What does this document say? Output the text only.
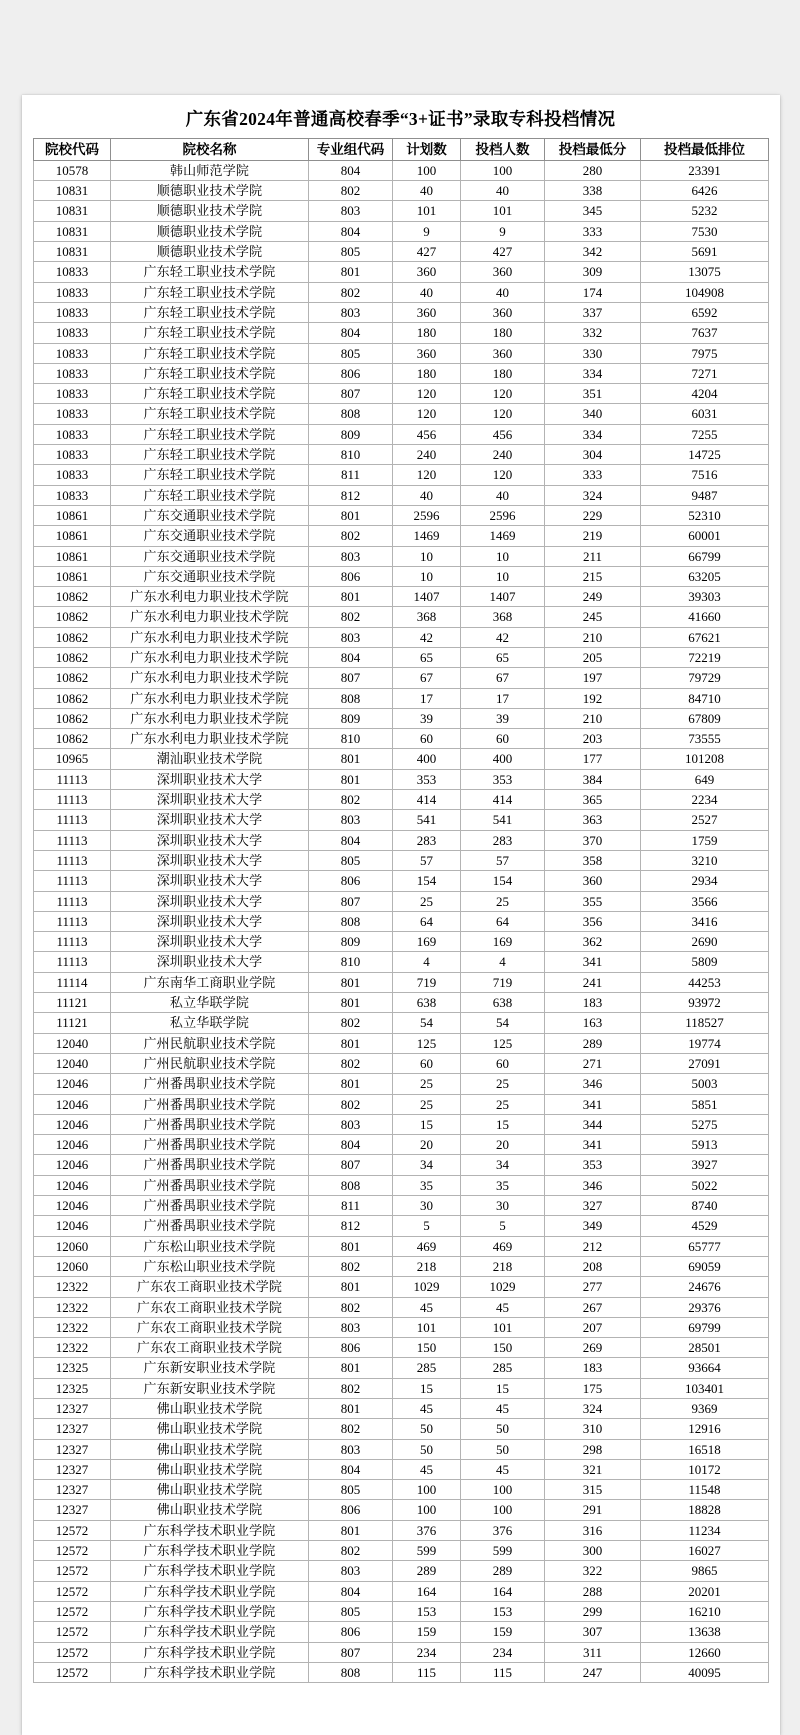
广东省2024年普通高校春季“3+证书”录取专科投档情况
院校代码	院校名称	专业组代码	计划数	投档人数	投档最低分	投档最低排位
10578	韩山师范学院	804	100	100	280	23391
10831	顺德职业技术学院	802	40	40	338	6426
10831	顺德职业技术学院	803	101	101	345	5232
10831	顺德职业技术学院	804	9	9	333	7530
10831	顺德职业技术学院	805	427	427	342	5691
10833	广东轻工职业技术学院	801	360	360	309	13075
10833	广东轻工职业技术学院	802	40	40	174	104908
10833	广东轻工职业技术学院	803	360	360	337	6592
10833	广东轻工职业技术学院	804	180	180	332	7637
10833	广东轻工职业技术学院	805	360	360	330	7975
10833	广东轻工职业技术学院	806	180	180	334	7271
10833	广东轻工职业技术学院	807	120	120	351	4204
10833	广东轻工职业技术学院	808	120	120	340	6031
10833	广东轻工职业技术学院	809	456	456	334	7255
10833	广东轻工职业技术学院	810	240	240	304	14725
10833	广东轻工职业技术学院	811	120	120	333	7516
10833	广东轻工职业技术学院	812	40	40	324	9487
10861	广东交通职业技术学院	801	2596	2596	229	52310
10861	广东交通职业技术学院	802	1469	1469	219	60001
10861	广东交通职业技术学院	803	10	10	211	66799
10861	广东交通职业技术学院	806	10	10	215	63205
10862	广东水利电力职业技术学院	801	1407	1407	249	39303
10862	广东水利电力职业技术学院	802	368	368	245	41660
10862	广东水利电力职业技术学院	803	42	42	210	67621
10862	广东水利电力职业技术学院	804	65	65	205	72219
10862	广东水利电力职业技术学院	807	67	67	197	79729
10862	广东水利电力职业技术学院	808	17	17	192	84710
10862	广东水利电力职业技术学院	809	39	39	210	67809
10862	广东水利电力职业技术学院	810	60	60	203	73555
10965	潮汕职业技术学院	801	400	400	177	101208
11113	深圳职业技术大学	801	353	353	384	649
11113	深圳职业技术大学	802	414	414	365	2234
11113	深圳职业技术大学	803	541	541	363	2527
11113	深圳职业技术大学	804	283	283	370	1759
11113	深圳职业技术大学	805	57	57	358	3210
11113	深圳职业技术大学	806	154	154	360	2934
11113	深圳职业技术大学	807	25	25	355	3566
11113	深圳职业技术大学	808	64	64	356	3416
11113	深圳职业技术大学	809	169	169	362	2690
11113	深圳职业技术大学	810	4	4	341	5809
11114	广东南华工商职业学院	801	719	719	241	44253
11121	私立华联学院	801	638	638	183	93972
11121	私立华联学院	802	54	54	163	118527
12040	广州民航职业技术学院	801	125	125	289	19774
12040	广州民航职业技术学院	802	60	60	271	27091
12046	广州番禺职业技术学院	801	25	25	346	5003
12046	广州番禺职业技术学院	802	25	25	341	5851
12046	广州番禺职业技术学院	803	15	15	344	5275
12046	广州番禺职业技术学院	804	20	20	341	5913
12046	广州番禺职业技术学院	807	34	34	353	3927
12046	广州番禺职业技术学院	808	35	35	346	5022
12046	广州番禺职业技术学院	811	30	30	327	8740
12046	广州番禺职业技术学院	812	5	5	349	4529
12060	广东松山职业技术学院	801	469	469	212	65777
12060	广东松山职业技术学院	802	218	218	208	69059
12322	广东农工商职业技术学院	801	1029	1029	277	24676
12322	广东农工商职业技术学院	802	45	45	267	29376
12322	广东农工商职业技术学院	803	101	101	207	69799
12322	广东农工商职业技术学院	806	150	150	269	28501
12325	广东新安职业技术学院	801	285	285	183	93664
12325	广东新安职业技术学院	802	15	15	175	103401
12327	佛山职业技术学院	801	45	45	324	9369
12327	佛山职业技术学院	802	50	50	310	12916
12327	佛山职业技术学院	803	50	50	298	16518
12327	佛山职业技术学院	804	45	45	321	10172
12327	佛山职业技术学院	805	100	100	315	11548
12327	佛山职业技术学院	806	100	100	291	18828
12572	广东科学技术职业学院	801	376	376	316	11234
12572	广东科学技术职业学院	802	599	599	300	16027
12572	广东科学技术职业学院	803	289	289	322	9865
12572	广东科学技术职业学院	804	164	164	288	20201
12572	广东科学技术职业学院	805	153	153	299	16210
12572	广东科学技术职业学院	806	159	159	307	13638
12572	广东科学技术职业学院	807	234	234	311	12660
12572	广东科学技术职业学院	808	115	115	247	40095
